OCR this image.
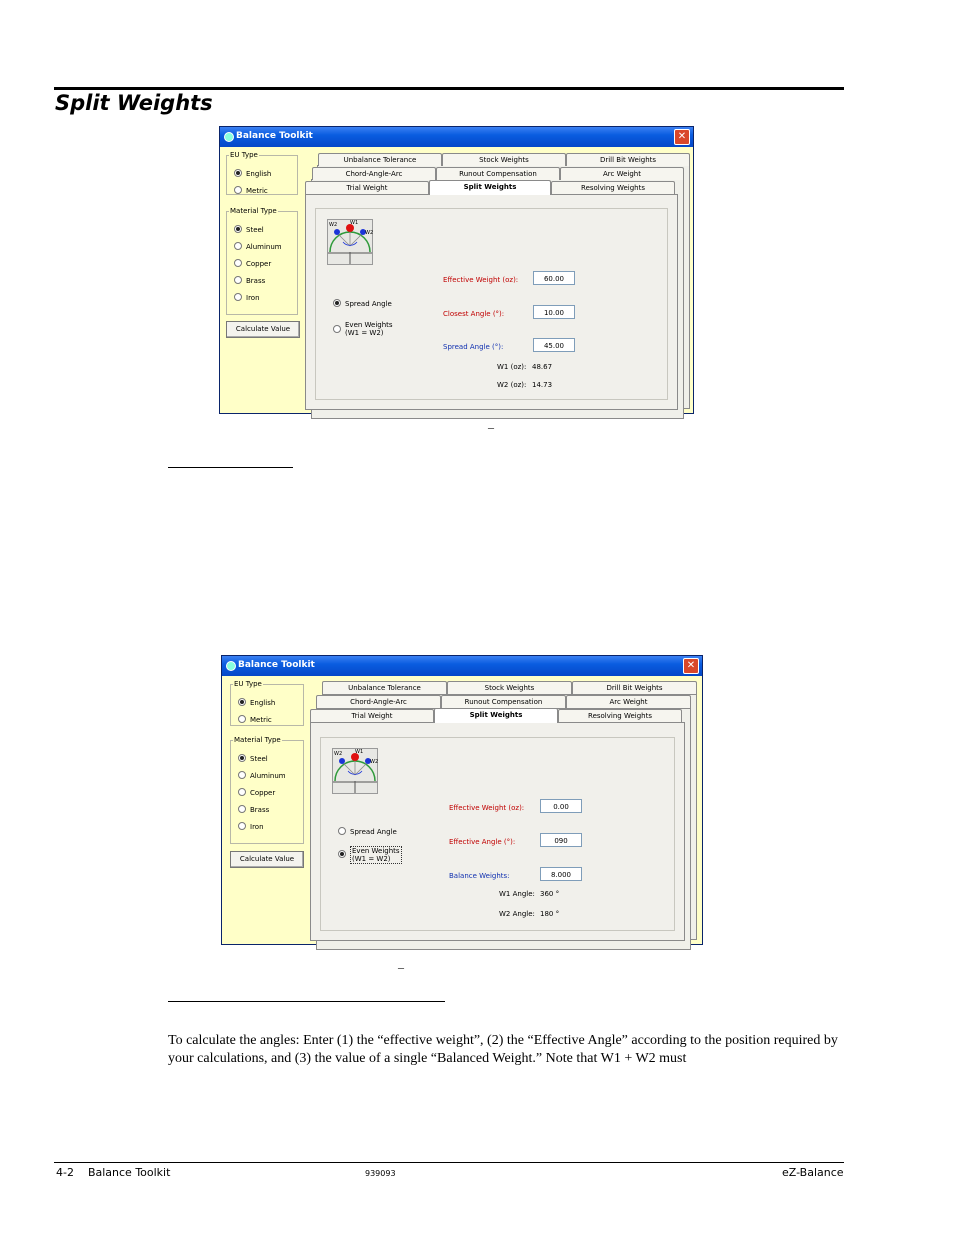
Split Weights
Balance Toolkit	✕
EU Type
English
Metric
Material Type
Steel
Aluminum
Copper
Brass
Iron
Calculate Value
Unbalance Tolerance	Stock Weights	Drill Bit Weights
Chord-Angle-Arc	Runout Compensation	Arc Weight
Trial Weight	Resolving Weights
Split Weights
W2	W1
W2
Spread Angle
Even Weights
(W1 = W2)
Effective Weight (oz):	60.00
Closest Angle (°):	10.00
Spread Angle (°):	45.00
W1 (oz): 48.67
W2 (oz): 14.73
–
Balance Toolkit	✕
EU Type
English
Metric
Material Type
Steel
Aluminum
Copper
Brass
Iron
Calculate Value
Unbalance Tolerance	Stock Weights	Drill Bit Weights
Chord-Angle-Arc	Runout Compensation	Arc Weight
Trial Weight	Resolving Weights
Split Weights
W2	W1
W2
Spread Angle
Even Weights
(W1 = W2)
Effective Weight (oz):	0.00
Effective Angle (°):	090
Balance Weights:	8.000
W1 Angle: 360 °
W2 Angle: 180 °
–
To calculate the angles: Enter (1) the “effective weight”, (2) the “Effective Angle” according to the position required by your calculations, and (3) the value of a single “Balanced Weight.” Note that W1 + W2 must
4-2    Balance Toolkit	939093	eZ-Balance
